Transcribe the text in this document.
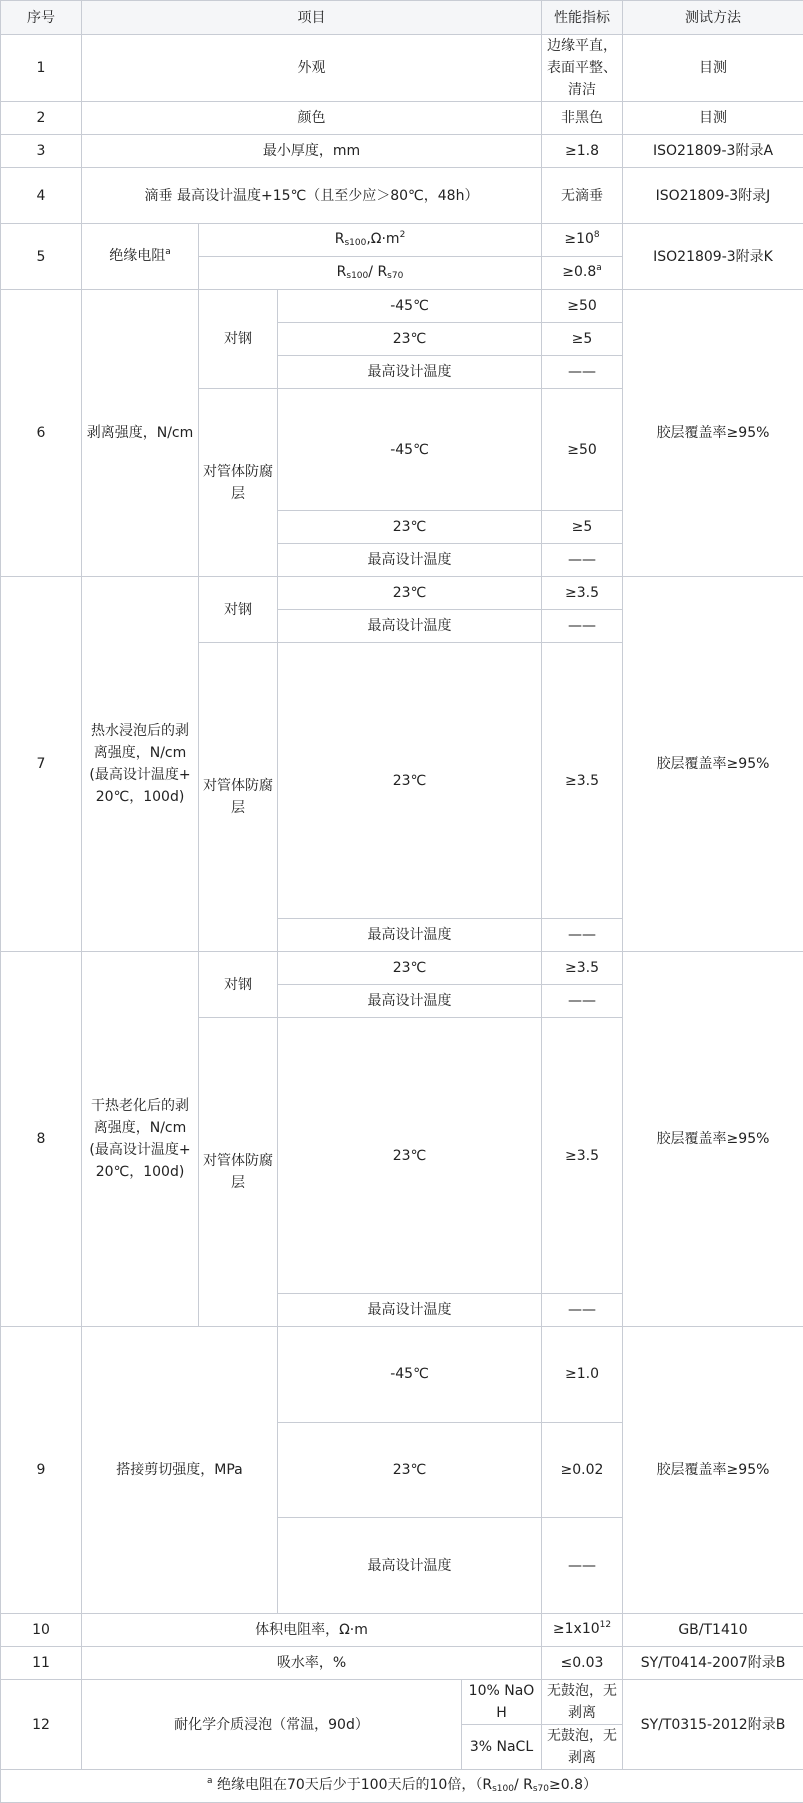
序号	项目				性能指标	测试方法	
1	外观				边缘平直，表面平整、清洁	目测	
2	颜色				非黑色	目测	
3	最小厚度，mm				≥1.8	ISO21809-3附录A	
4	滴垂 最高设计温度+15℃（且至少应＞80℃，48h）				无滴垂	ISO21809-3附录J	
5	绝缘电阻$^a$	$R_{s100},\Omega\cdot m^2$			$\ge 10^8$	ISO21809-3附录K	
		$R_{s100}/$ $R_{s70}$			≥0.8$^a$
6	剥离强度，N/cm	对钢	-45℃		≥50	胶层覆盖率≥95%	
			23℃		≥5		
			最高设计温度		——		
		对管体防腐层	-45℃		≥50		
			23℃		≥5		
			最高设计温度		——		
7	热水浸泡后的剥离强度，N/cm(最高设计温度+20℃，100d)	对钢	23℃		≥3.5	胶层覆盖率≥95%	
			最高设计温度		——		
		对管体防腐层	23℃		≥3.5		
			最高设计温度		——		
8	干热老化后的剥离强度，N/cm(最高设计温度+20℃，100d)	对钢	23℃		≥3.5	胶层覆盖率≥95%	
			最高设计温度		——		
		对管体防腐层	23℃		≥3.5		
			最高设计温度		——		
9	搭接剪切强度，MPa		-45℃		≥1.0	胶层覆盖率≥95%	
			23℃		≥0.02		
			最高设计温度		——		
10	体积电阻率，Ω·m				$\ge 1x10^{12}$	GB/T1410	
11	吸水率，%				≤0.03	SY/T0414-2007附录B	
12	耐化学介质浸泡（常温，90d）			10% NaOH	无鼓泡，无剥离	SY/T0315-2012附录B	
				3% NaCL	无鼓泡，无剥离		
$^a$ 绝缘电阻在70天后少于100天后的10倍，（$R_{s100}/$ $R_{s70}\ge 0.8$）							
